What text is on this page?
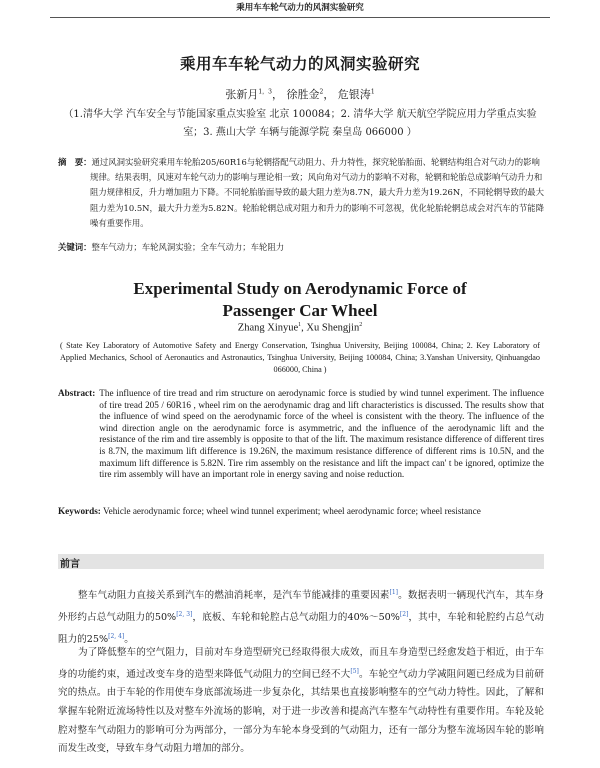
乘用车车轮气动力的风洞实验研究
乘用车车轮气动力的风洞实验研究
张新月$^{1,3}$， 徐胜金$^2$， 危银涛$^1$
（1.清华大学 汽车安全与节能国家重点实验室 北京 100084；2. 清华大学 航天航空学院应用力学重点实验
室；3. 燕山大学 车辆与能源学院 秦皇岛 066000 ）
摘　要：通过风洞实验研究乘用车轮胎205/60R16与轮辋搭配气动阻力、升力特性，探究轮胎胎面、轮辋结构组合对气动力的影响规律。结果表明，风速对车轮气动力的影响与理论相一致；风向角对气动力的影响不对称，轮辋和轮胎总成影响气动升力和阻力规律相反，升力增加阻力下降。不同轮胎胎面导致的最大阻力差为8.7N，最大升力差为19.26N，不同轮辋导致的最大阻力差为10.5N，最大升力差为5.82N。轮胎轮辋总成对阻力和升力的影响不可忽视，优化轮胎轮辋总成会对汽车的节能降噪有重要作用。
关键词：整车气动力；车轮风洞实验；全车气动力；车轮阻力
Experimental Study on Aerodynamic Force of
Passenger Car Wheel
Zhang Xinyue$^1$, Xu Shengjin$^2$
( State Key Laboratory of Automotive Safety and Energy Conservation, Tsinghua University, Beijing 100084, China; 2. Key Laboratory of Applied Mechanics, School of Aeronautics and Astronautics, Tsinghua University, Beijing 100084, China; 3.Yanshan University, Qinhuangdao 066000, China )
Abstract: The influence of tire tread and rim structure on aerodynamic force is studied by wind tunnel experiment. The influence of tire tread 205 / 60R16 , wheel rim on the aerodynamic drag and lift characteristics is discussed. The results show that the influence of wind speed on the aerodynamic force of the wheel is consistent with the theory. The influence of the wind direction angle on the aerodynamic force is asymmetric, and the influence of the aerodynamic lift and the resistance of the rim and tire assembly is opposite to that of the lift. The maximum resistance difference of different tires is 8.7N, the maximum lift difference is 19.26N, the maximum resistance difference of different rims is 10.5N, and the maximum lift difference is 5.82N. Tire rim assembly on the resistance and lift the impact can' t be ignored, optimize the tire rim assembly will have an important role in energy saving and noise reduction.
Keywords: Vehicle aerodynamic force; wheel wind tunnel experiment; wheel aerodynamic force; wheel resistance
前言
整车气动阻力直接关系到汽车的燃油消耗率，是汽车节能减排的重要因素[1]。数据表明一辆现代汽车，其车身外形约占总气动阻力的50%[2, 3]，底板、车轮和轮腔占总气动阻力的40%～50%[2]，其中，车轮和轮腔约占总气动阻力的25%[2, 4]。
为了降低整车的空气阻力，目前对车身造型研究已经取得很大成效，而且车身造型已经愈发趋于相近，由于车身的功能约束，通过改变车身的造型来降低气动阻力的空间已经不大[5]。车轮空气动力学减阻问题已经成为目前研究的热点。由于车轮的作用使车身底部流场进一步复杂化，其结果也直接影响整车的空气动力特性。因此，了解和掌握车轮附近流场特性以及对整车外流场的影响，对于进一步改善和提高汽车整车气动特性有重要作用。车轮及轮腔对整车气动阻力的影响可分为两部分，一部分为车轮本身受到的气动阻力，还有一部分为整车流场因车轮的影响而发生改变，导致车身气动阻力增加的部分。
